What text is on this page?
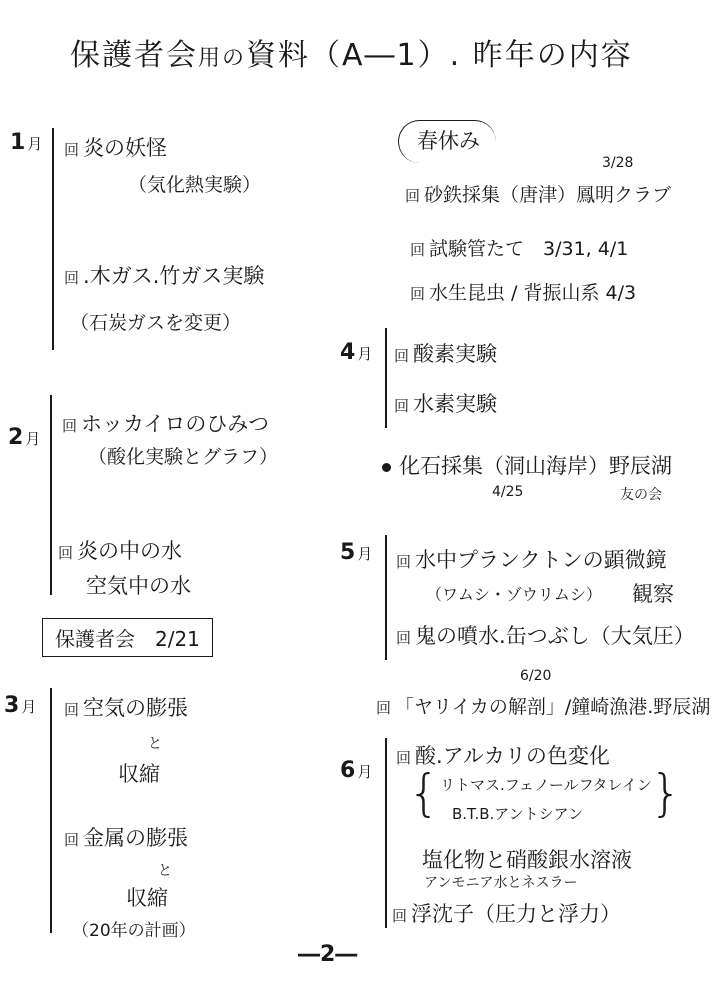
保護者会用の資料（A―1）. 昨年の内容
1 月 回 炎の妖怪
（気化熱実験）
回 .木ガス.竹ガス実験
（石炭ガスを変更）
2 月
回 ホッカイロのひみつ
（酸化実験とグラフ）
回 炎の中の水
空気中の水
保護者会　2/21
3 月 回 空気の膨張
と
収縮
回 金属の膨張
と
収縮
（20年の計画）
春休み
3/28
回 砂鉄採集（唐津）鳳明クラブ
回 試験管たて　3/31, 4/1
回 水生昆虫 / 背振山系 4/3
4 月 回 酸素実験
回 水素実験
化石採集（洞山海岸）野辰湖
4/25	友の会
5 月 回 水中プランクトンの顕微鏡
（ワムシ・ゾウリムシ） 観察
回 鬼の噴水.缶つぶし（大気圧）
6/20
回 「ヤリイカの解剖」/鐘崎漁港.野辰湖
6 月
回 酸.アルカリの色変化
{ リトマス.フェノールフタレイン
B.T.B.アントシアン }
塩化物と硝酸銀水溶液
アンモニア水とネスラー
回 浮沈子（圧力と浮力）
―2―
